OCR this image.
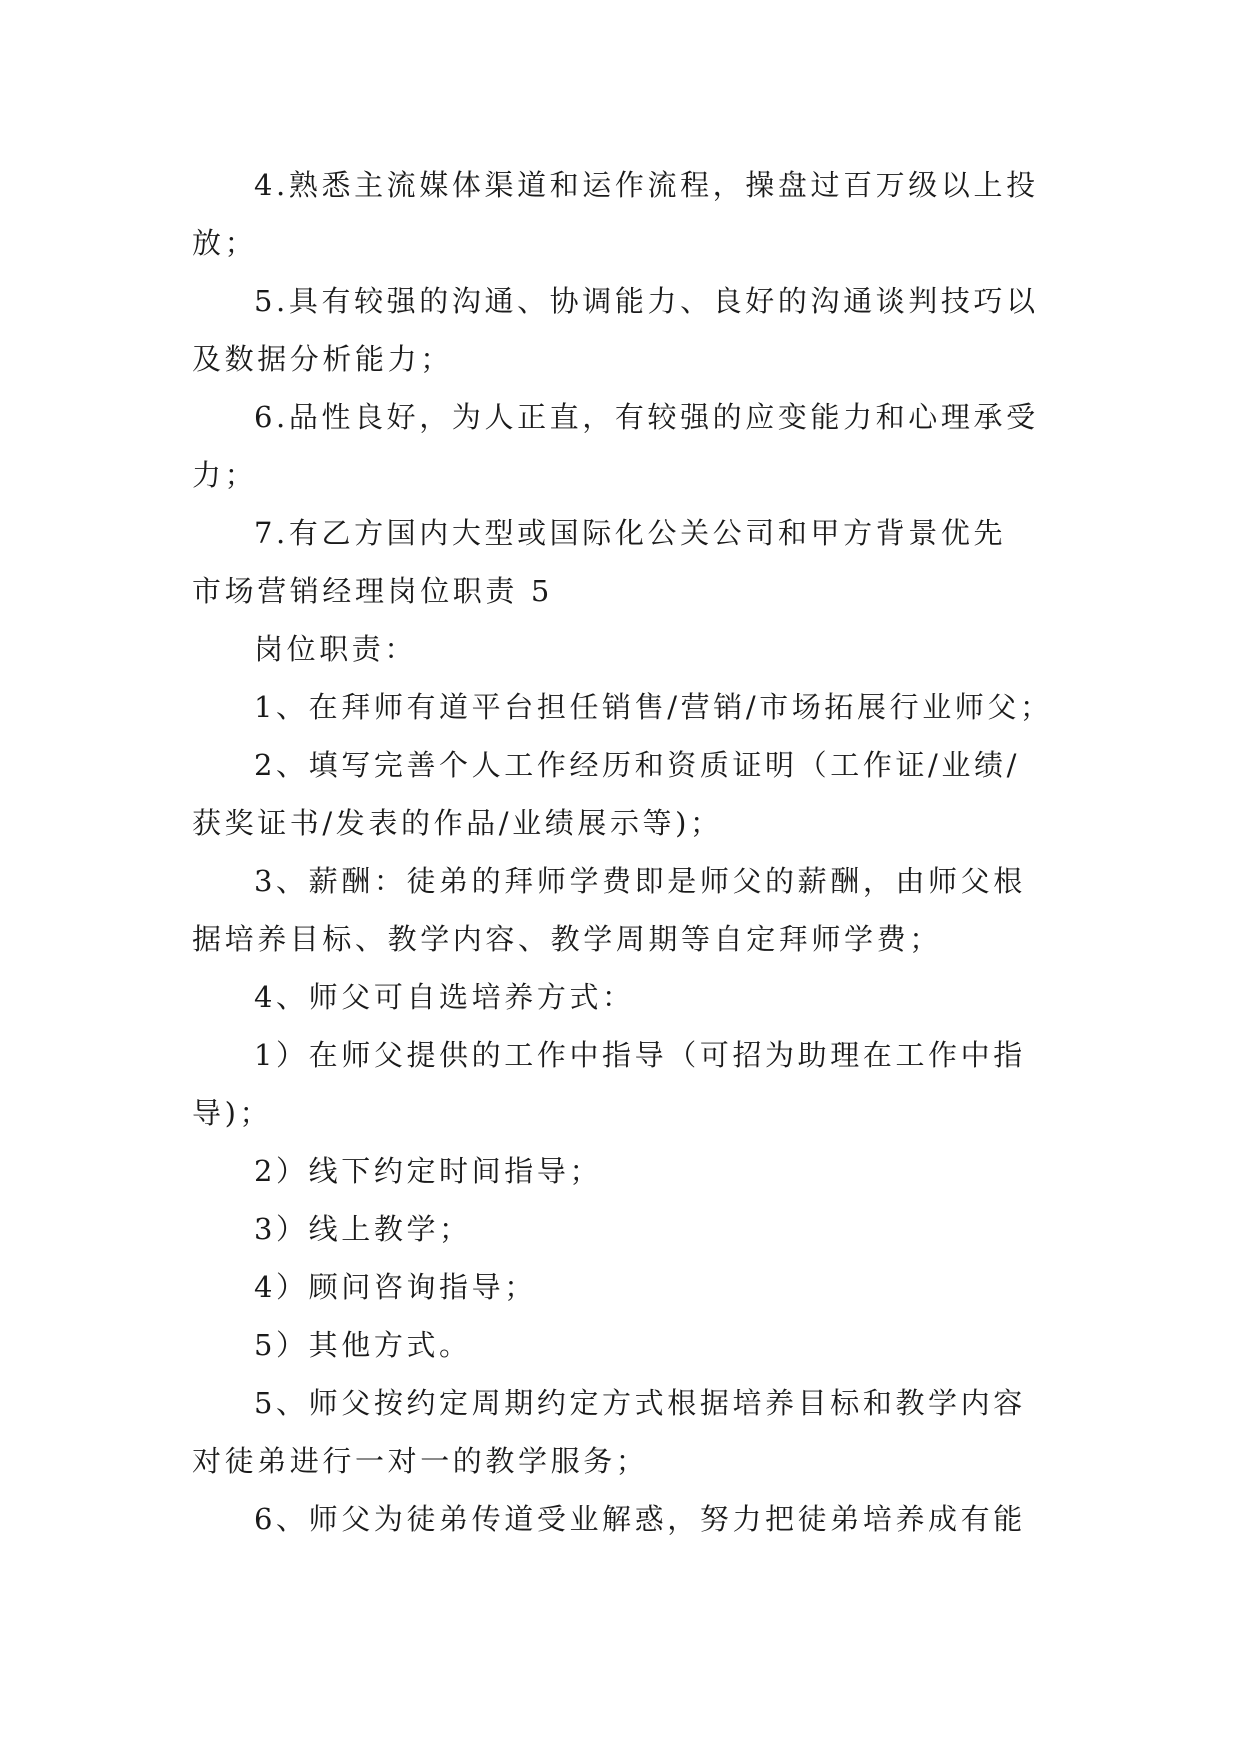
4.熟悉主流媒体渠道和运作流程，操盘过百万级以上投
放；
5.具有较强的沟通、协调能力、良好的沟通谈判技巧以
及数据分析能力；
6.品性良好，为人正直，有较强的应变能力和心理承受
力；
7.有乙方国内大型或国际化公关公司和甲方背景优先
市场营销经理岗位职责 5
岗位职责：
1、在拜师有道平台担任销售/营销/市场拓展行业师父；
2、填写完善个人工作经历和资质证明（工作证/业绩/
获奖证书/发表的作品/业绩展示等)；
3、薪酬：徒弟的拜师学费即是师父的薪酬，由师父根
据培养目标、教学内容、教学周期等自定拜师学费；
4、师父可自选培养方式：
1）在师父提供的工作中指导（可招为助理在工作中指
导)；
2）线下约定时间指导；
3）线上教学；
4）顾问咨询指导；
5）其他方式。
5、师父按约定周期约定方式根据培养目标和教学内容
对徒弟进行一对一的教学服务；
6、师父为徒弟传道受业解惑，努力把徒弟培养成有能
